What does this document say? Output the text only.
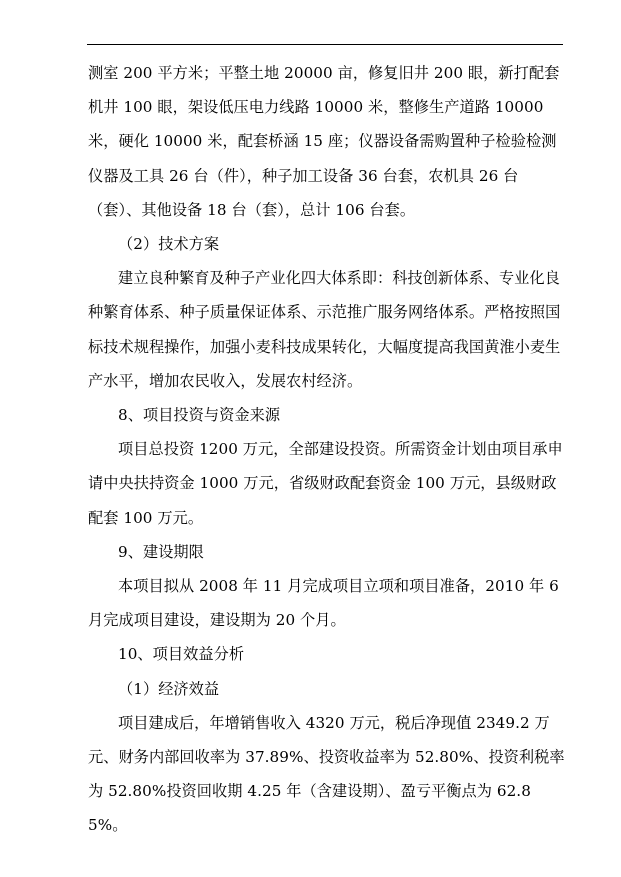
测室 200 平方米；平整土地 20000 亩，修复旧井 200 眼，新打配套机井 100 眼，架设低压电力线路 10000 米，整修生产道路 10000 米，硬化 10000 米，配套桥涵 15 座；仪器设备需购置种子检验检测仪器及工具 26 台（件），种子加工设备 36 台套，农机具 26 台（套）、其他设备 18 台（套），总计 106 台套。

（2）技术方案

建立良种繁育及种子产业化四大体系即：科技创新体系、专业化良种繁育体系、种子质量保证体系、示范推广服务网络体系。严格按照国标技术规程操作，加强小麦科技成果转化，大幅度提高我国黄淮小麦生产水平，增加农民收入，发展农村经济。

8、项目投资与资金来源

项目总投资 1200 万元，全部建设投资。所需资金计划由项目承申请中央扶持资金 1000 万元，省级财政配套资金 100 万元，县级财政配套 100 万元。

9、建设期限

本项目拟从 2008 年 11 月完成项目立项和项目准备，2010 年 6 月完成项目建设，建设期为 20 个月。

10、项目效益分析

（1）经济效益

项目建成后，年增销售收入 4320 万元，税后净现值 2349.2 万元、财务内部回收率为 37.89%、投资收益率为 52.80%、投资利税率为 52.80%投资回收期 4.25 年（含建设期）、盈亏平衡点为 62.85%。
